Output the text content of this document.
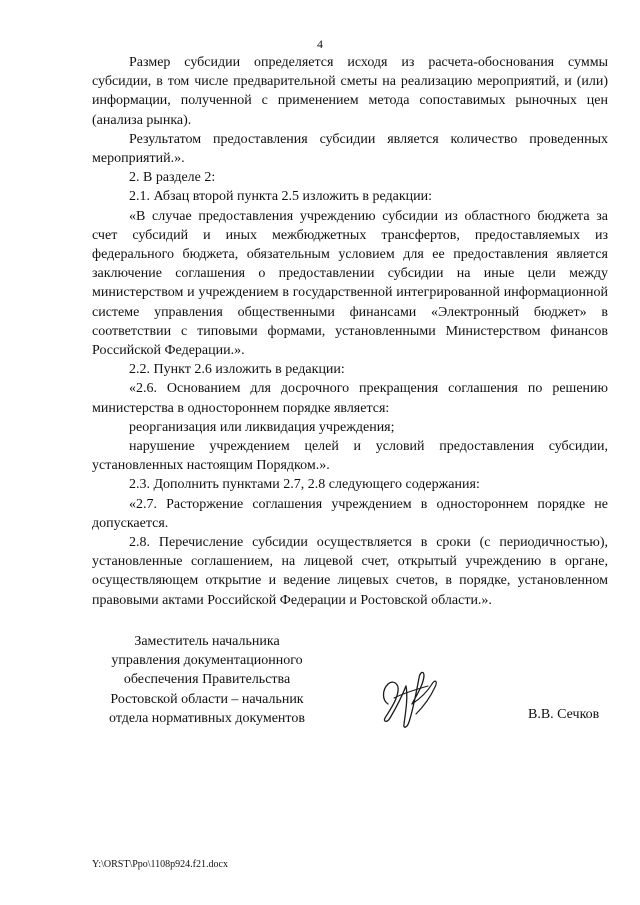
4

Размер субсидии определяется исходя из расчета-обоснования суммы субсидии, в том числе предварительной сметы на реализацию мероприятий, и (или) информации, полученной с применением метода сопоставимых рыночных цен (анализа рынка).

Результатом предоставления субсидии является количество проведенных мероприятий.».

2. В разделе 2:

2.1. Абзац второй пункта 2.5 изложить в редакции:

«В случае предоставления учреждению субсидии из областного бюджета за счет субсидий и иных межбюджетных трансфертов, предоставляемых из федерального бюджета, обязательным условием для ее предоставления является заключение соглашения о предоставлении субсидии на иные цели между министерством и учреждением в государственной интегрированной информационной системе управления общественными финансами «Электронный бюджет» в соответствии с типовыми формами, установленными Министерством финансов Российской Федерации.».

2.2. Пункт 2.6 изложить в редакции:

«2.6. Основанием для досрочного прекращения соглашения по решению министерства в одностороннем порядке является:

реорганизация или ликвидация учреждения;

нарушение учреждением целей и условий предоставления субсидии, установленных настоящим Порядком.».

2.3. Дополнить пунктами 2.7, 2.8 следующего содержания:

«2.7. Расторжение соглашения учреждением в одностороннем порядке не допускается.

2.8. Перечисление субсидии осуществляется в сроки (с периодичностью), установленные соглашением, на лицевой счет, открытый учреждению в органе, осуществляющем открытие и ведение лицевых счетов, в порядке, установленном правовыми актами Российской Федерации и Ростовской области.».

Заместитель начальника
управления документационного
обеспечения Правительства
Ростовской области – начальник
отдела нормативных документов	В.В. Сечков
Y:\ORST\Ppo\1108p924.f21.docx
